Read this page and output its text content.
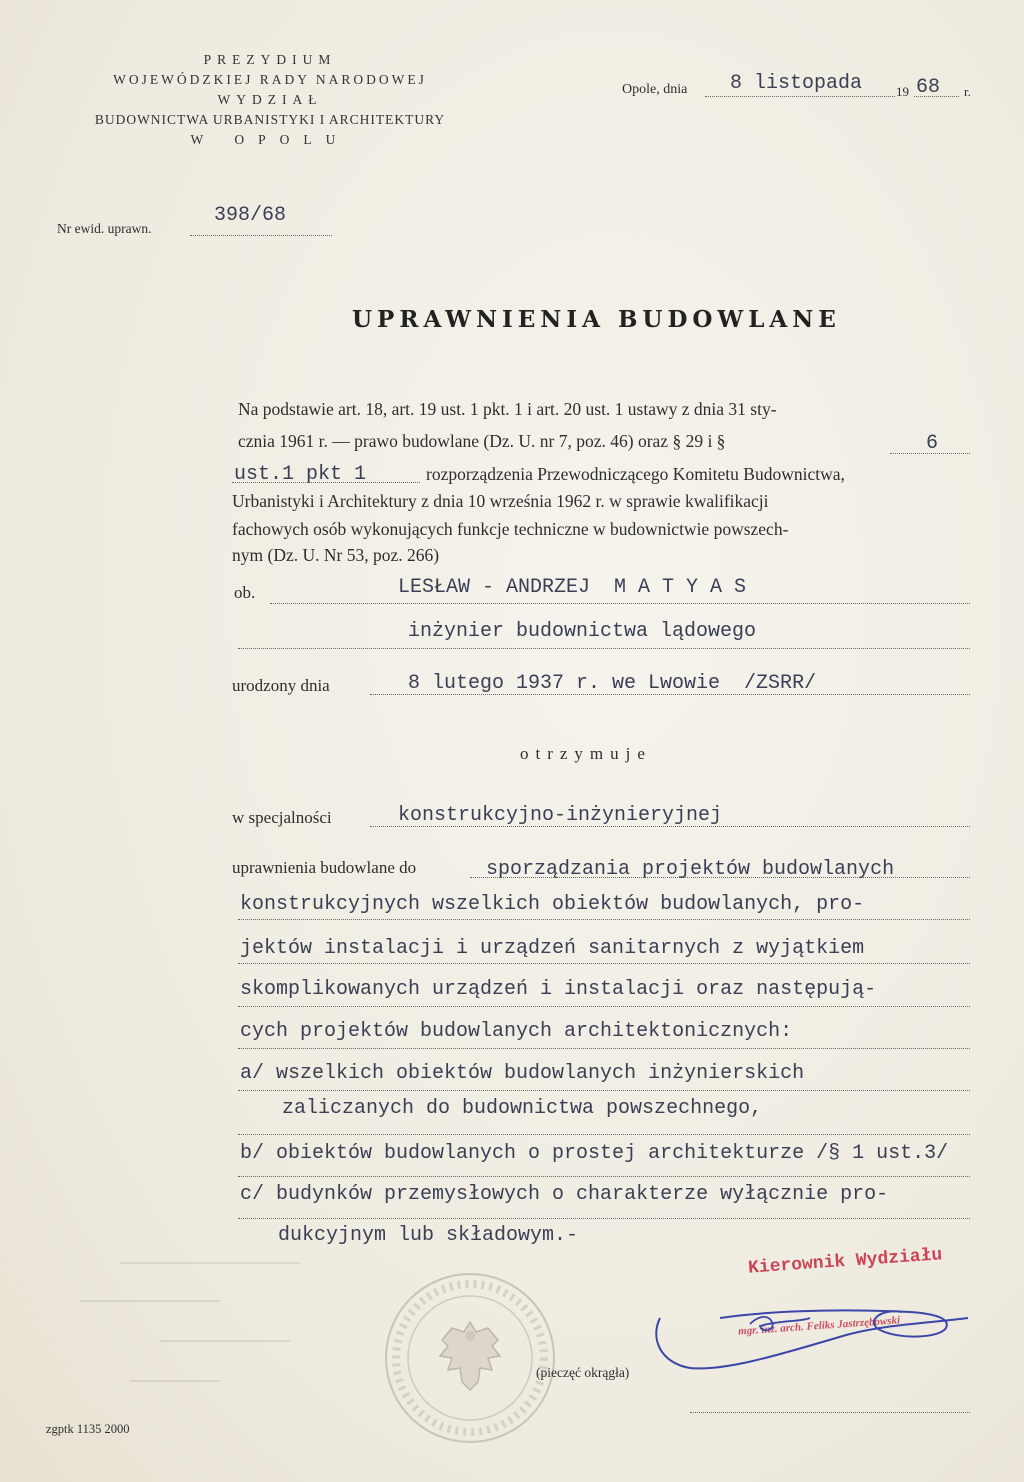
PREZYDIUM
WOJEWÓDZKIEJ RADY NARODOWEJ
WYDZIAŁ
BUDOWNICTWA URBANISTYKI I ARCHITEKTURY
W OPOLU
Opole, dnia 8 listopada	19 68 r.
Nr ewid. uprawn.
398/68
UPRAWNIENIA BUDOWLANE
Na podstawie art. 18, art. 19 ust. 1 pkt. 1 i art. 20 ust. 1 ustawy z dnia 31 sty-
cznia 1961 r. — prawo budowlane (Dz. U. nr 7, poz. 46) oraz § 29 i §	6
ust.1 pkt 1	rozporządzenia Przewodniczącego Komitetu Budownictwa,
Urbanistyki i Architektury z dnia 10 września 1962 r. w sprawie kwalifikacji
fachowych osób wykonujących funkcje techniczne w budownictwie powszech-
nym (Dz. U. Nr 53, poz. 266)
ob.	LESŁAW - ANDRZEJ  M A T Y A S
inżynier budownictwa lądowego
urodzony dnia	8 lutego 1937 r. we Lwowie  /ZSRR/
otrzymuje
w specjalności	konstrukcyjno-inżynieryjnej
uprawnienia budowlane do	sporządzania projektów budowlanych
konstrukcyjnych wszelkich obiektów budowlanych, pro-
jektów instalacji i urządzeń sanitarnych z wyjątkiem
skomplikowanych urządzeń i instalacji oraz następują-
cych projektów budowlanych architektonicznych:
a/ wszelkich obiektów budowlanych inżynierskich
zaliczanych do budownictwa powszechnego,
b/ obiektów budowlanych o prostej architekturze /§ 1 ust.3/
c/ budynków przemysłowych o charakterze wyłącznie pro-
dukcyjnym lub składowym.-
(pieczęć okrągła)
Kierownik Wydziału
mgr. inż. arch. Feliks Jastrzębowski
zgptk 1135 2000
